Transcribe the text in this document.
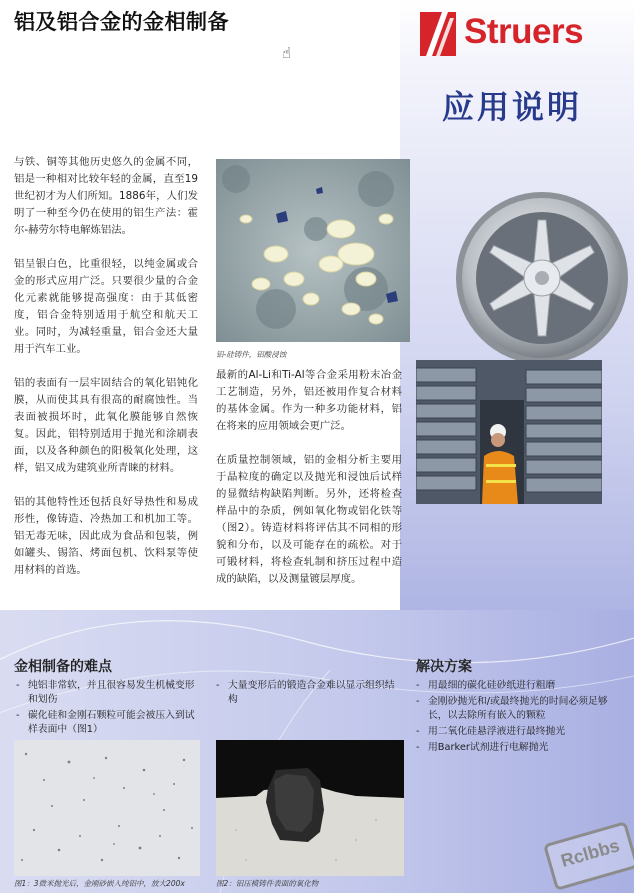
铝及铝合金的金相制备
☝
Struers
应用说明

与铁、铜等其他历史悠久的金属不同，铝是一种相对比较年轻的金属，直至19世纪初才为人们所知。1886年，人们发明了一种至今仍在使用的铝生产法：霍尔-赫劳尔特电解炼铝法。

铝呈银白色，比重很轻，以纯金属或合金的形式应用广泛。只要很少量的合金化元素就能够提高强度：由于其低密度，铝合金特别适用于航空和航天工业。同时，为减轻重量，铝合金还大量用于汽车工业。

铝的表面有一层牢固结合的氧化铝钝化膜，从而使其具有很高的耐腐蚀性。当表面被损坏时，此氧化膜能够自然恢复。因此，铝特别适用于抛光和涂刷表面，以及各种颜色的阳极氧化处理，这样，铝又成为建筑业所青睐的材料。

铝的其他特性还包括良好导热性和易成形性，像铸造、冷热加工和机加工等。铝无毒无味，因此成为食品和包装，例如罐头、锡箔、烤面包机、饮料泵等使用材料的首选。

铝-硅铸件，铝酸浸蚀

最新的Al-Li和Ti-Al等合金采用粉末冶金工艺制造，另外，铝还被用作复合材料的基体金属。作为一种多功能材料，铝在将来的应用领域会更广泛。

在质量控制领域，铝的金相分析主要用于晶粒度的确定以及抛光和浸蚀后试样的显微结构缺陷判断。另外，还将检查样品中的杂质，例如氧化物或铝化铁等（图2）。铸造材料将评估其不同相的形貌和分布，以及可能存在的疏松。对于可锻材料，将检查轧制和挤压过程中造成的缺陷，以及测量镀层厚度。

金相制备的难点
- 纯铝非常软，并且很容易发生机械变形和划伤
- 碳化硅和金刚石颗粒可能会被压入到试样表面中（图1）
- 大量变形后的锻造合金难以显示组织结构
解决方案
- 用最细的碳化硅砂纸进行粗磨
- 金刚砂抛光和/或最终抛光的时间必须足够长，以去除所有嵌入的颗粒
- 用二氧化硅悬浮液进行最终抛光
- 用Barker试剂进行电解抛光
图1：3微米抛光后，金刚砂嵌入纯铝中，放大200x	图2：铝压模铸件表面的氧化物
Rclbbs
